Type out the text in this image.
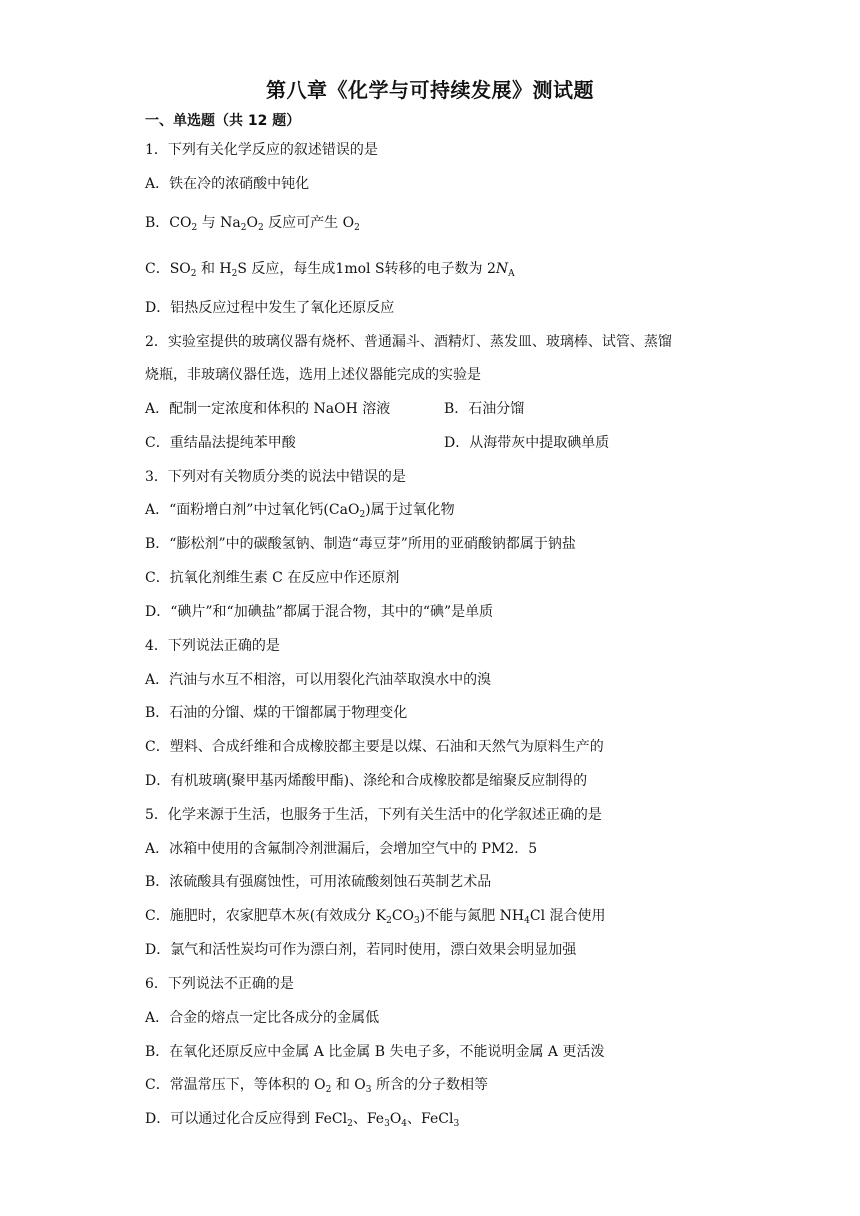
第八章《化学与可持续发展》测试题
一、单选题（共 12 题）
1．下列有关化学反应的叙述错误的是
A．铁在冷的浓硝酸中钝化
B．$CO_2$ 与 $Na_2O_2$ 反应可产生 $O_2$
C．$SO_2$ 和 $H_2S$ 反应，每生成1mol S转移的电子数为 $2N_A$
D．铝热反应过程中发生了氧化还原反应
2．实验室提供的玻璃仪器有烧杯、普通漏斗、酒精灯、蒸发皿、玻璃棒、试管、蒸馏
烧瓶，非玻璃仪器任选，选用上述仪器能完成的实验是
A．配制一定浓度和体积的 NaOH 溶液	B．石油分馏
C．重结晶法提纯苯甲酸	D．从海带灰中提取碘单质
3．下列对有关物质分类的说法中错误的是
A．“面粉增白剂”中过氧化钙(CaO$_2$)属于过氧化物
B．“膨松剂”中的碳酸氢钠、制造“毒豆芽”所用的亚硝酸钠都属于钠盐
C．抗氧化剂维生素 C 在反应中作还原剂
D．“碘片”和“加碘盐”都属于混合物，其中的“碘”是单质
4．下列说法正确的是
A．汽油与水互不相溶，可以用裂化汽油萃取溴水中的溴
B．石油的分馏、煤的干馏都属于物理变化
C．塑料、合成纤维和合成橡胶都主要是以煤、石油和天然气为原料生产的
D．有机玻璃(聚甲基丙烯酸甲酯)、涤纶和合成橡胶都是缩聚反应制得的
5．化学来源于生活，也服务于生活，下列有关生活中的化学叙述正确的是
A．冰箱中使用的含氟制冷剂泄漏后，会增加空气中的 PM2．5
B．浓硫酸具有强腐蚀性，可用浓硫酸刻蚀石英制艺术品
C．施肥时，农家肥草木灰(有效成分 $K_2CO_3$)不能与氮肥 $NH_4Cl$ 混合使用
D．氯气和活性炭均可作为漂白剂，若同时使用，漂白效果会明显加强
6．下列说法不正确的是
A．合金的熔点一定比各成分的金属低
B．在氧化还原反应中金属 A 比金属 B 失电子多，不能说明金属 A 更活泼
C．常温常压下，等体积的 $O_2$ 和 $O_3$ 所含的分子数相等
D．可以通过化合反应得到 FeCl$_2$、$Fe_3O_4$、FeCl$_3$
